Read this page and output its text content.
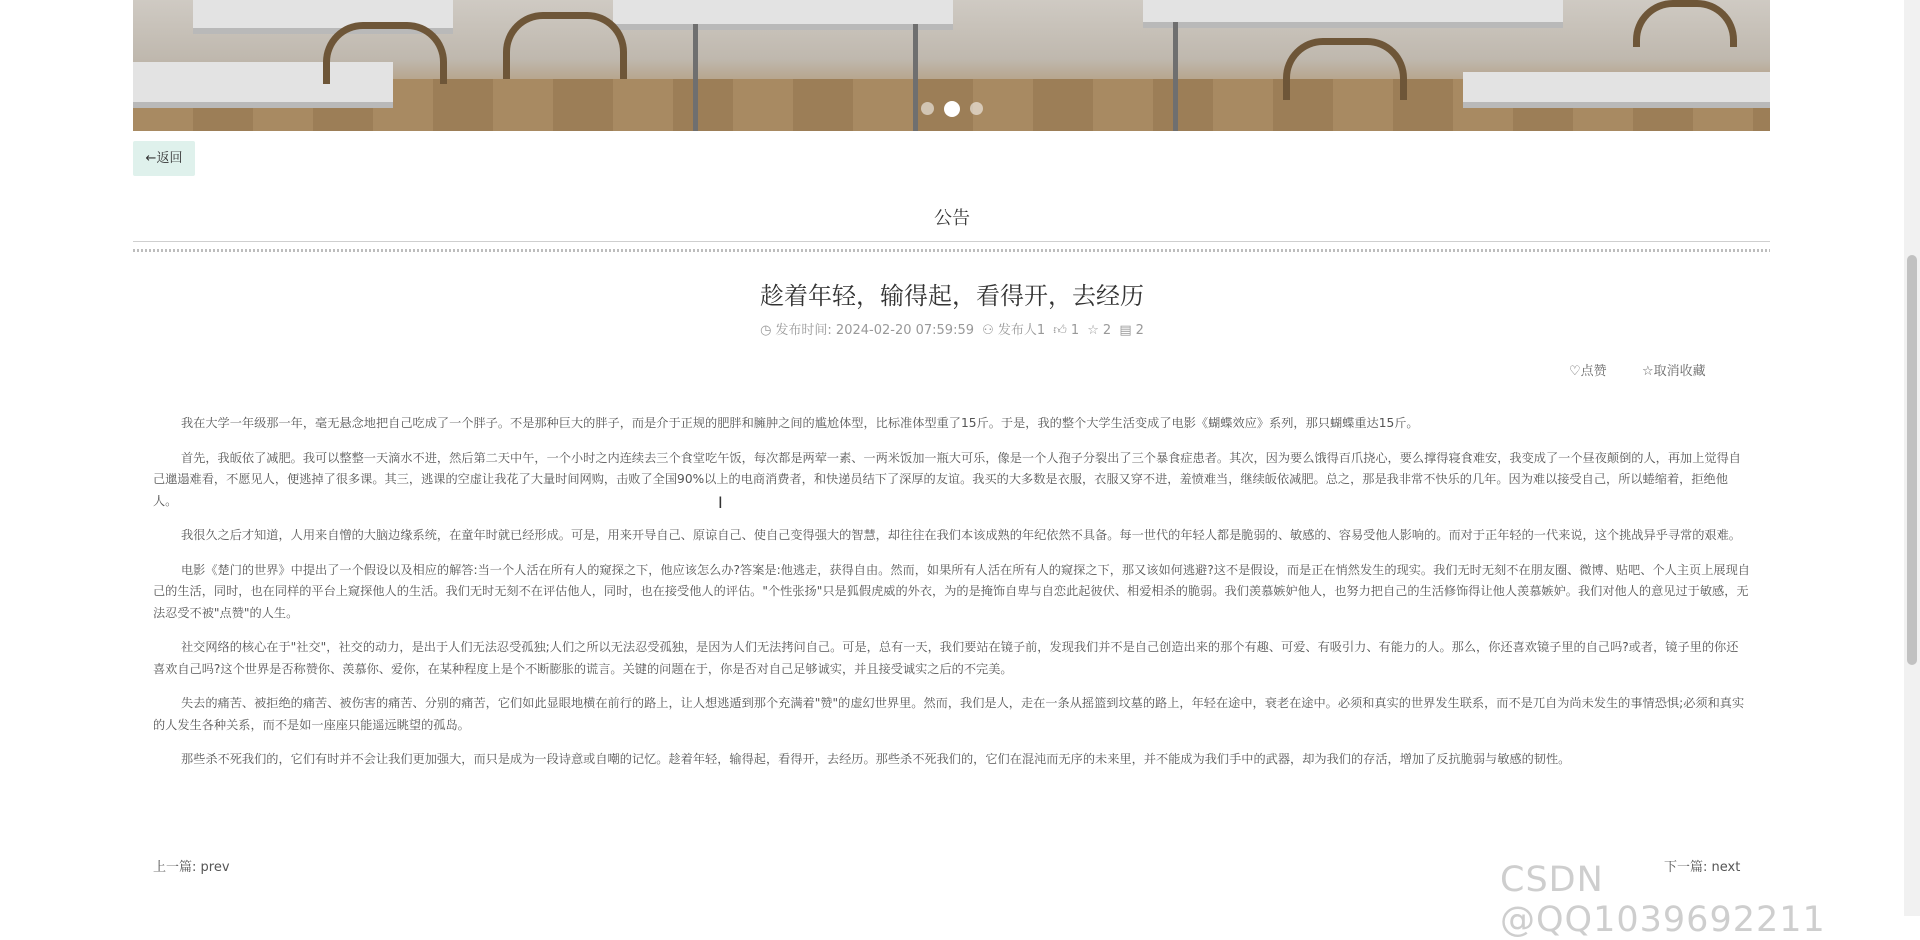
←返回
公告
趁着年轻，输得起，看得开，去经历
◷ 发布时间: 2024-02-20 07:59:59 ⚇ 发布人1 👍︎ 1 ☆ 2 ▤ 2
♡点赞	☆取消收藏

我在大学一年级那一年，毫无悬念地把自己吃成了一个胖子。不是那种巨大的胖子，而是介于正规的肥胖和臃肿之间的尴尬体型，比标准体型重了15斤。于是，我的整个大学生活变成了电影《蝴蝶效应》系列，那只蝴蝶重达15斤。

首先，我皈依了减肥。我可以整整一天滴水不进，然后第二天中午，一个小时之内连续去三个食堂吃午饭，每次都是两荤一素、一两米饭加一瓶大可乐，像是一个人孢子分裂出了三个暴食症患者。其次，因为要么饿得百爪挠心，要么撑得寝食难安，我变成了一个昼夜颠倒的人，再加上觉得自己邋遢难看，不愿见人，便逃掉了很多课。其三，逃课的空虚让我花了大量时间网购，击败了全国90%以上的电商消费者，和快递员结下了深厚的友谊。我买的大多数是衣服，衣服又穿不进，羞愤难当，继续皈依减肥。总之，那是我非常不快乐的几年。因为难以接受自己，所以蜷缩着，拒绝他人。

我很久之后才知道，人用来自憎的大脑边缘系统，在童年时就已经形成。可是，用来开导自己、原谅自己、使自己变得强大的智慧，却往往在我们本该成熟的年纪依然不具备。每一世代的年轻人都是脆弱的、敏感的、容易受他人影响的。而对于正年轻的一代来说，这个挑战异乎寻常的艰难。

电影《楚门的世界》中提出了一个假设以及相应的解答:当一个人活在所有人的窥探之下，他应该怎么办?答案是:他逃走，获得自由。然而，如果所有人活在所有人的窥探之下，那又该如何逃避?这不是假设，而是正在悄然发生的现实。我们无时无刻不在朋友圈、微博、贴吧、个人主页上展现自己的生活，同时，也在同样的平台上窥探他人的生活。我们无时无刻不在评估他人，同时，也在接受他人的评估。"个性张扬"只是狐假虎威的外衣，为的是掩饰自卑与自恋此起彼伏、相爱相杀的脆弱。我们羡慕嫉妒他人，也努力把自己的生活修饰得让他人羡慕嫉妒。我们对他人的意见过于敏感，无法忍受不被"点赞"的人生。

社交网络的核心在于"社交"，社交的动力，是出于人们无法忍受孤独;人们之所以无法忍受孤独，是因为人们无法拷问自己。可是，总有一天，我们要站在镜子前，发现我们并不是自己创造出来的那个有趣、可爱、有吸引力、有能力的人。那么，你还喜欢镜子里的自己吗?或者，镜子里的你还喜欢自己吗?这个世界是否称赞你、羡慕你、爱你，在某种程度上是个不断膨胀的谎言。关键的问题在于，你是否对自己足够诚实，并且接受诚实之后的不完美。

失去的痛苦、被拒绝的痛苦、被伤害的痛苦、分别的痛苦，它们如此显眼地横在前行的路上，让人想逃遁到那个充满着"赞"的虚幻世界里。然而，我们是人，走在一条从摇篮到坟墓的路上，年轻在途中，衰老在途中。必须和真实的世界发生联系，而不是兀自为尚未发生的事情恐惧;必须和真实的人发生各种关系，而不是如一座座只能遥远眺望的孤岛。

那些杀不死我们的，它们有时并不会让我们更加强大，而只是成为一段诗意或自嘲的记忆。趁着年轻，输得起，看得开，去经历。那些杀不死我们的，它们在混沌而无序的未来里，并不能成为我们手中的武器，却为我们的存活，增加了反抗脆弱与敏感的韧性。

上一篇: prev	下一篇: next
CSDN @QQ1039692211
I
